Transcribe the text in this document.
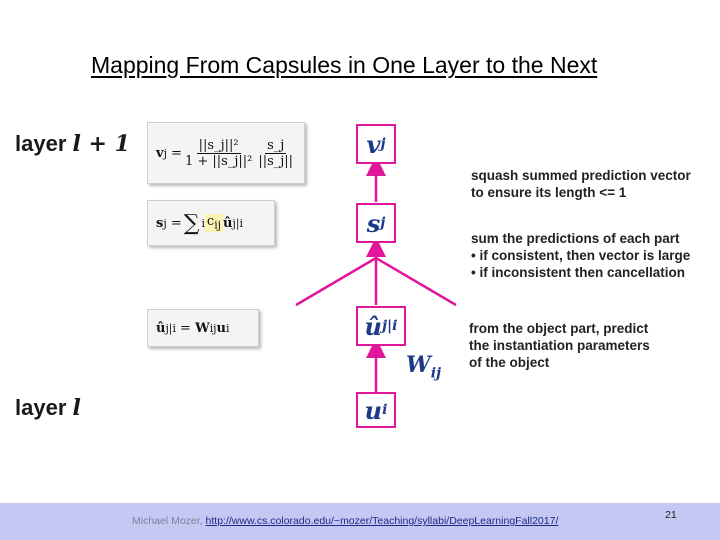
Mapping From Capsules in One Layer to the Next
layer l + 1
layer l
v $j = \frac{\text{||s\_j||²}}{\text{1 + ||s\_j||²}} \frac{s\_j}{||s\_j||}$
s j = ∑ i $c_{ij}$ û j|i
û j|i = W ij u i
v j
s j
û j|i
u i
$W_{ij}$
squash summed prediction vector
to ensure its length <= 1
sum the predictions of each part
• if consistent, then vector is large
• if inconsistent then cancellation
from the object part, predict
the instantiation parameters
of the object
Michael Mozer, http://www.cs.colorado.edu/~mozer/Teaching/syllabi/DeepLearningFall2017/	21
